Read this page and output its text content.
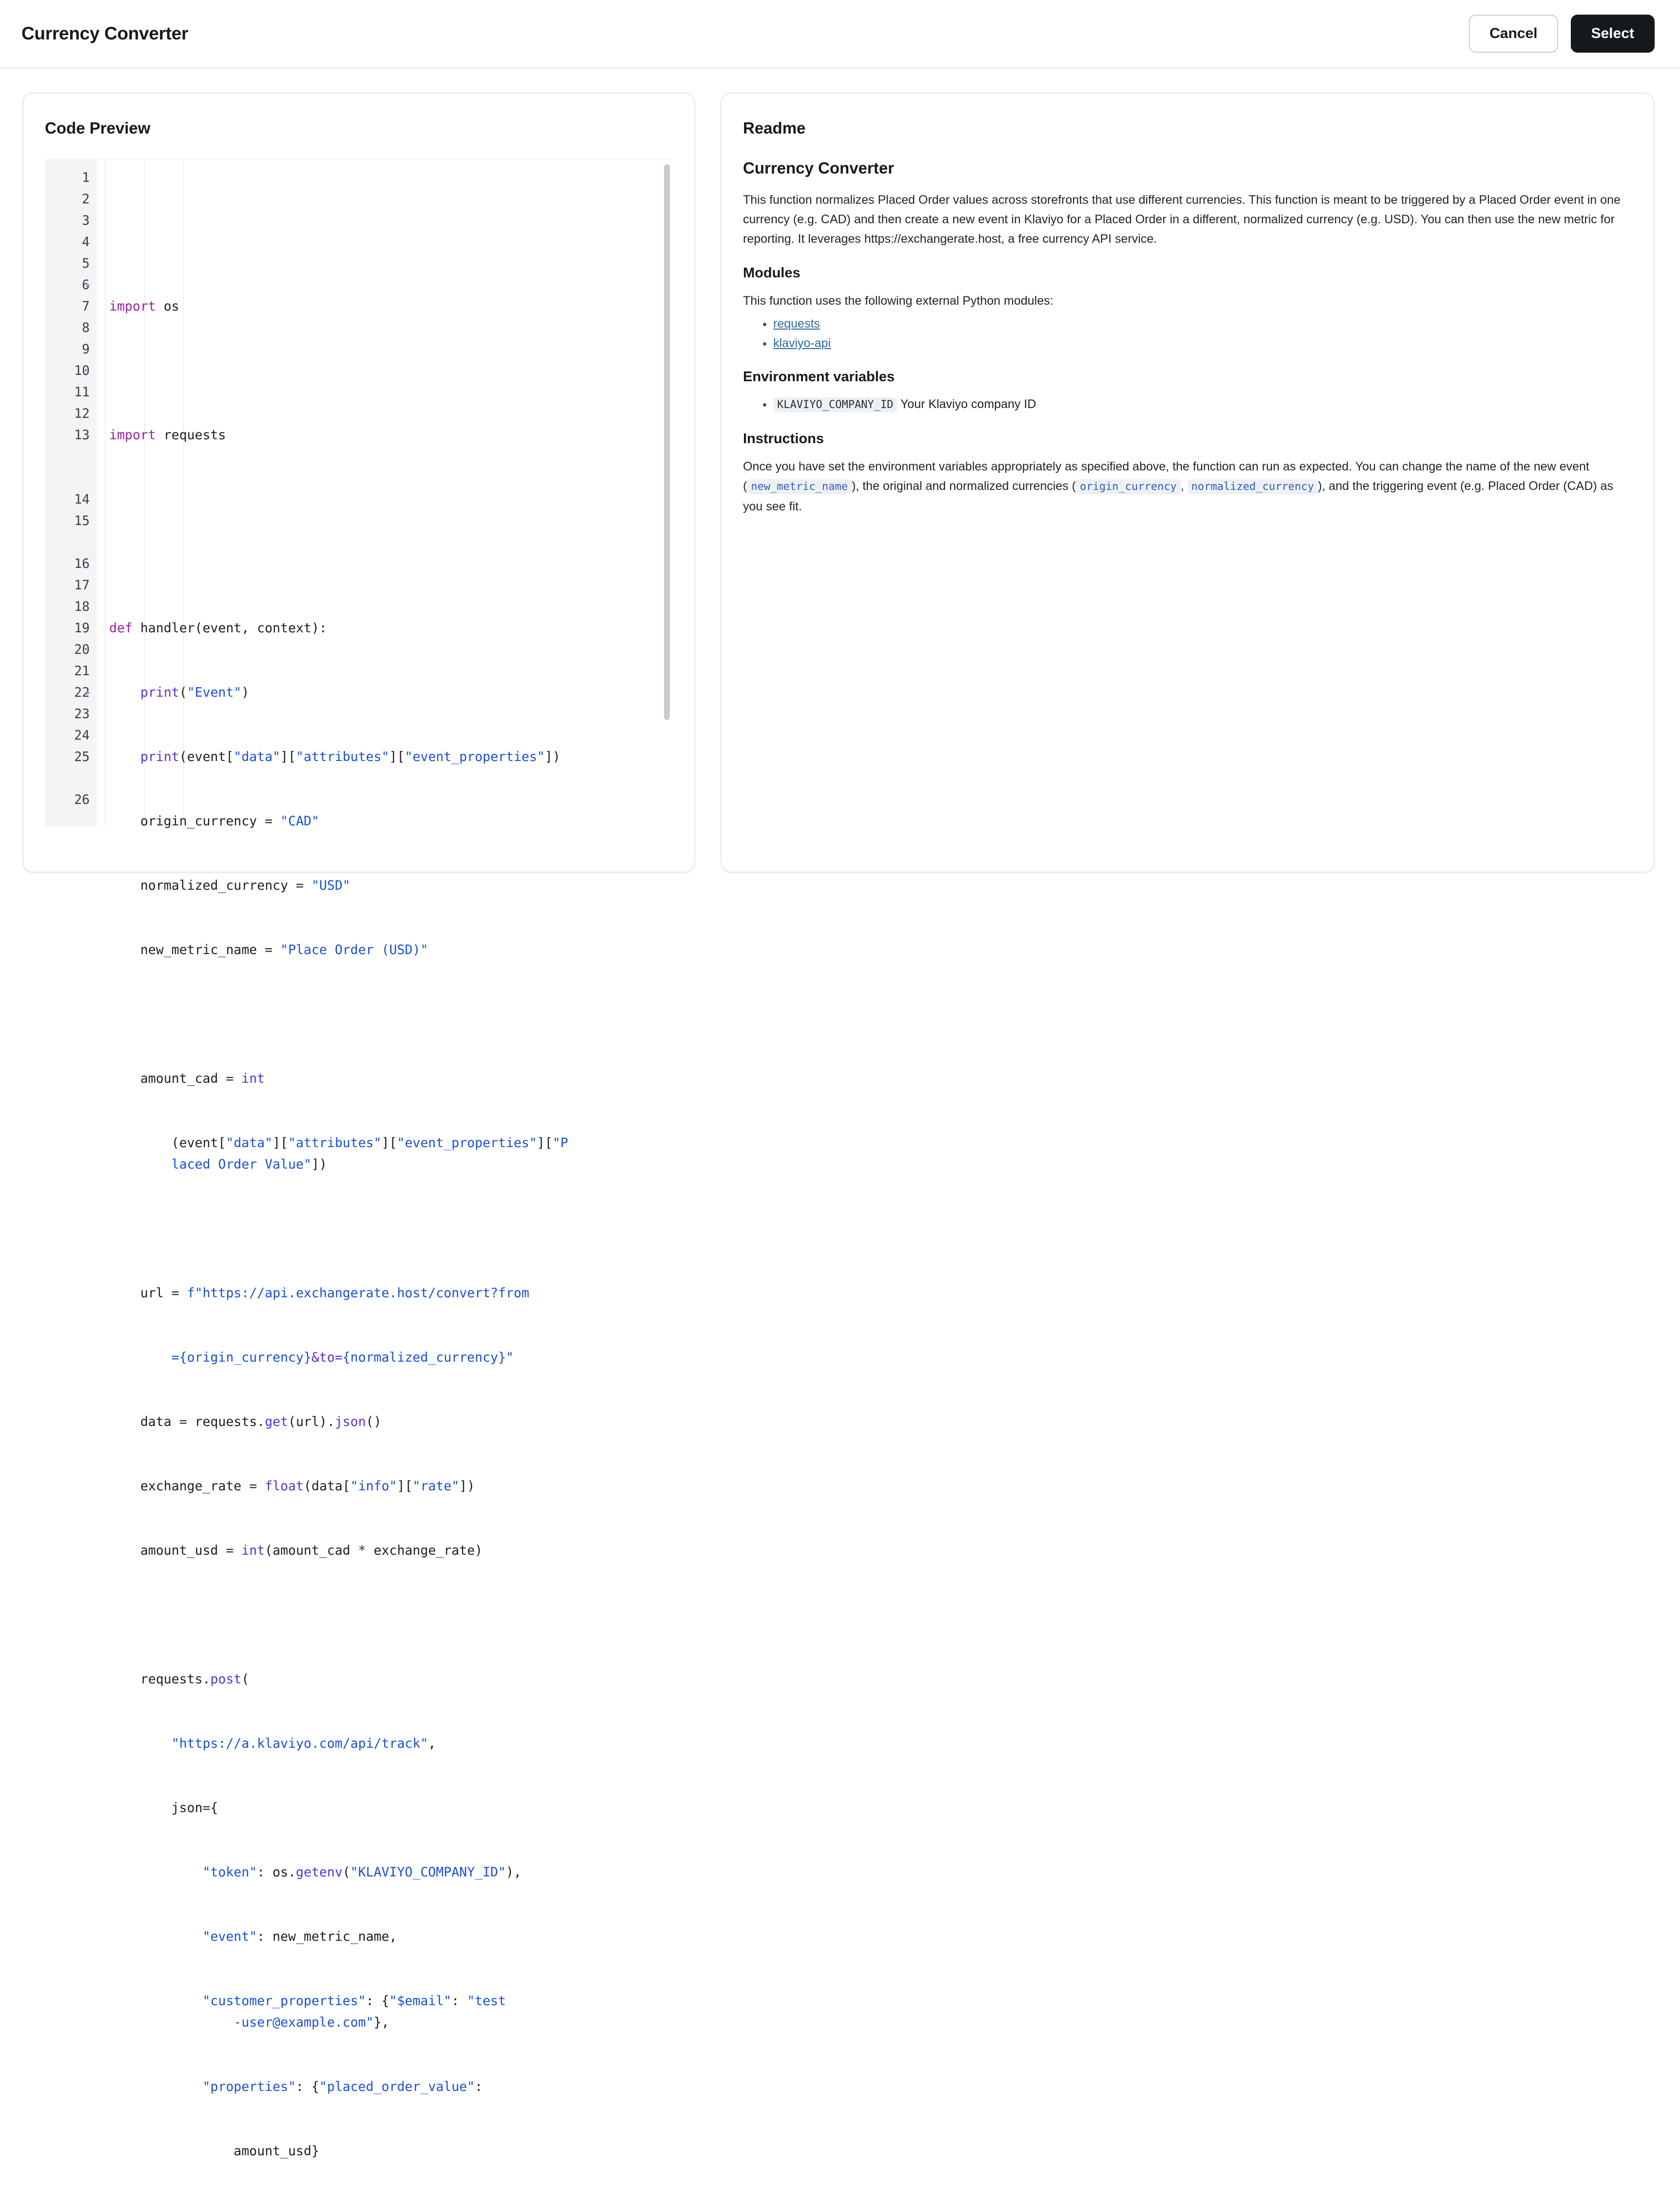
Currency Converter	Cancel	Select
Code Preview
1
2
3
4
5
6
7
8
9
10
11
12
13
14
15
16
17
18
19
20
21
22
23
24
25
26

import os

import requests

def handler(event, context):

print("Event")

print(event["data"]["attributes"]["event_properties"])

origin_currency = "CAD"

normalized_currency = "USD"

new_metric_name = "Place Order (USD)"

amount_cad = int

(event["data"]["attributes"]["event_properties"]["P
laced Order Value"])

url = f"https://api.exchangerate.host/convert?from

={origin_currency}&to={normalized_currency}"

data = requests.get(url).json()

exchange_rate = float(data["info"]["rate"])

amount_usd = int(amount_cad * exchange_rate)

requests.post(

"https://a.klaviyo.com/api/track",

json={

"token": os.getenv("KLAVIYO_COMPANY_ID"),

"event": new_metric_name,

"customer_properties": {"$email": "test
-user@example.com"},

"properties": {"placed_order_value":

amount_usd}

Readme
Currency Converter
This function normalizes Placed Order values across storefronts that use different currencies. This function is meant to be triggered by a Placed Order event in one currency (e.g. CAD) and then create a new event in Klaviyo for a Placed Order in a different, normalized currency (e.g. USD). You can then use the new metric for reporting. It leverages https://exchangerate.host, a free currency API service.
Modules
This function uses the following external Python modules:
• requests
• klaviyo-api
Environment variables
• KLAVIYO_COMPANY_ID Your Klaviyo company ID
Instructions
Once you have set the environment variables appropriately as specified above, the function can run as expected. You can change the name of the new event ( new_metric_name ), the original and normalized currencies ( origin_currency , normalized_currency ), and the triggering event (e.g. Placed Order (CAD) as you see fit.
